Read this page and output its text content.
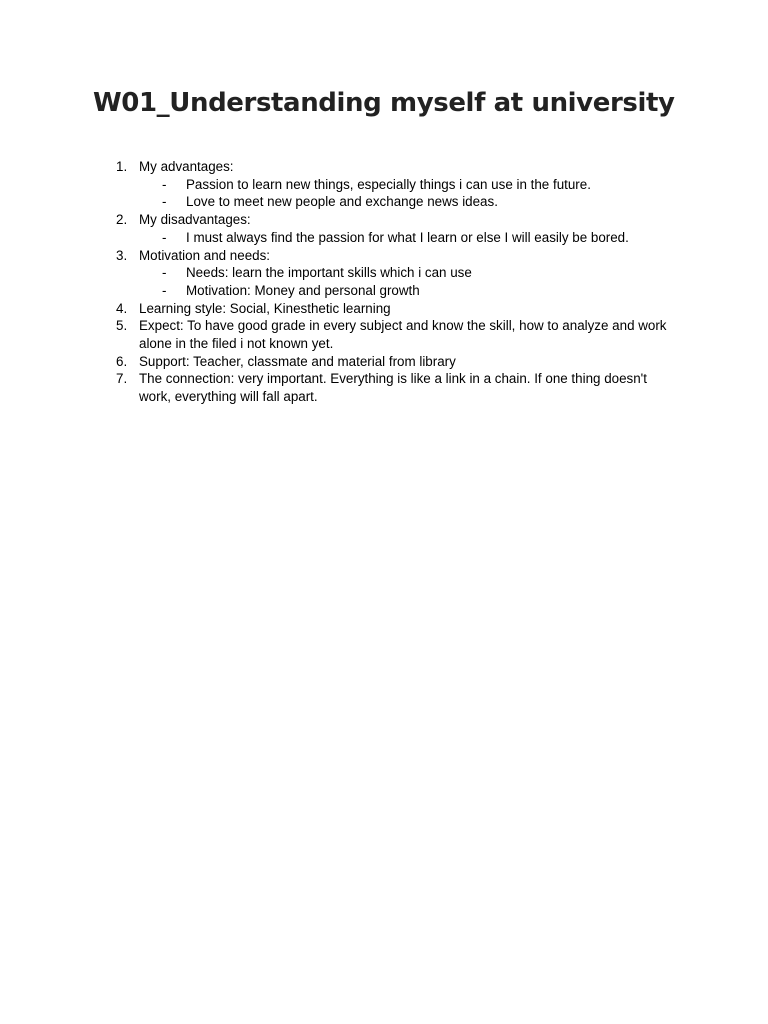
W01_Understanding myself at university
1. My advantages:
- Passion to learn new things, especially things i can use in the future.
- Love to meet new people and exchange news ideas.
2. My disadvantages:
- I must always find the passion for what I learn or else I will easily be bored.
3. Motivation and needs:
- Needs: learn the important skills which i can use
- Motivation: Money and personal growth
4. Learning style: Social, Kinesthetic learning
5. Expect: To have good grade in every subject and know the skill, how to analyze and work alone in the filed i not known yet.
6. Support: Teacher, classmate and material from library
7. The connection: very important. Everything is like a link in a chain. If one thing doesn't work, everything will fall apart.
